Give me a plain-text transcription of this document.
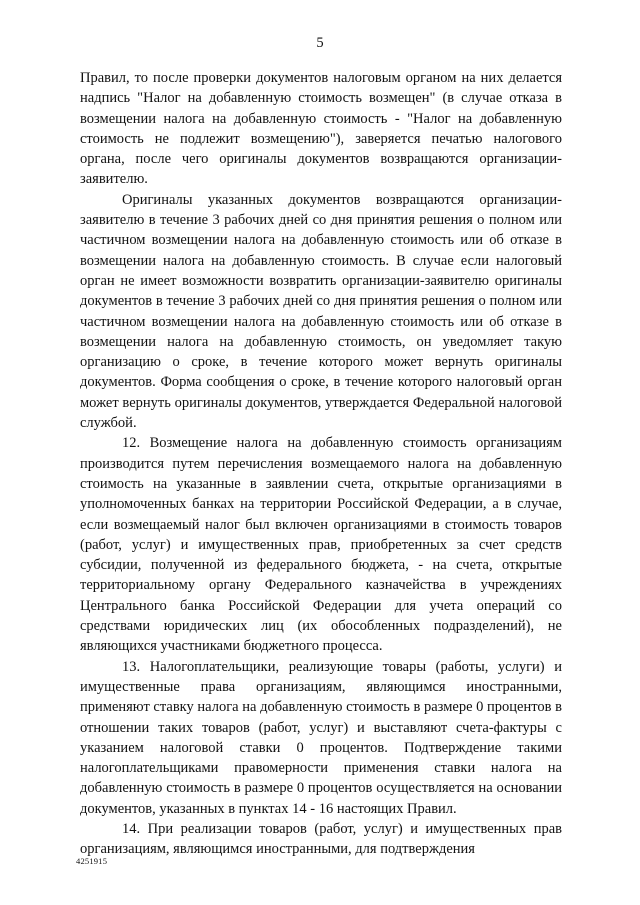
5

Правил, то после проверки документов налоговым органом на них делается надпись "Налог на добавленную стоимость возмещен" (в случае отказа в возмещении налога на добавленную стоимость - "Налог на добавленную стоимость не подлежит возмещению"), заверяется печатью налогового органа, после чего оригиналы документов возвращаются организации-заявителю.

Оригиналы указанных документов возвращаются организации-заявителю в течение 3 рабочих дней со дня принятия решения о полном или частичном возмещении налога на добавленную стоимость или об отказе в возмещении налога на добавленную стоимость. В случае если налоговый орган не имеет возможности возвратить организации-заявителю оригиналы документов в течение 3 рабочих дней со дня принятия решения о полном или частичном возмещении налога на добавленную стоимость или об отказе в возмещении налога на добавленную стоимость, он уведомляет такую организацию о сроке, в течение которого может вернуть оригиналы документов. Форма сообщения о сроке, в течение которого налоговый орган может вернуть оригиналы документов, утверждается Федеральной налоговой службой.

12. Возмещение налога на добавленную стоимость организациям производится путем перечисления возмещаемого налога на добавленную стоимость на указанные в заявлении счета, открытые организациями в уполномоченных банках на территории Российской Федерации, а в случае, если возмещаемый налог был включен организациями в стоимость товаров (работ, услуг) и имущественных прав, приобретенных за счет средств субсидии, полученной из федерального бюджета, - на счета, открытые территориальному органу Федерального казначейства в учреждениях Центрального банка Российской Федерации для учета операций со средствами юридических лиц (их обособленных подразделений), не являющихся участниками бюджетного процесса.

13. Налогоплательщики, реализующие товары (работы, услуги) и имущественные права организациям, являющимся иностранными, применяют ставку налога на добавленную стоимость в размере 0 процентов в отношении таких товаров (работ, услуг) и выставляют счета-фактуры с указанием налоговой ставки 0 процентов. Подтверждение такими налогоплательщиками правомерности применения ставки налога на добавленную стоимость в размере 0 процентов осуществляется на основании документов, указанных в пунктах 14 - 16 настоящих Правил.

14. При реализации товаров (работ, услуг) и имущественных прав организациям, являющимся иностранными, для подтверждения

4251915
